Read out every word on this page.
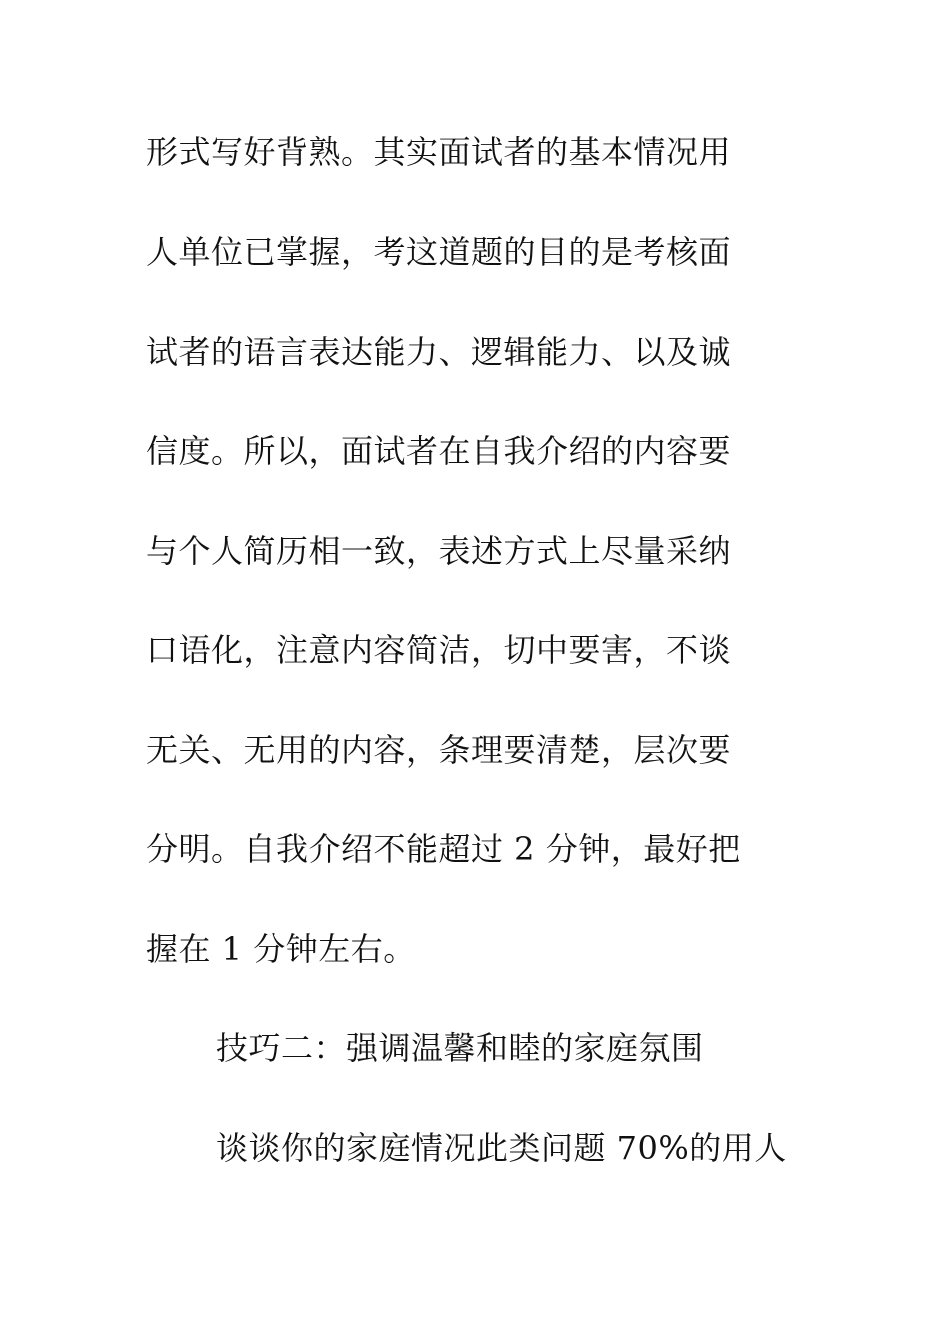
形式写好背熟。其实面试者的基本情况用
人单位已掌握，考这道题的目的是考核面
试者的语言表达能力、逻辑能力、以及诚
信度。所以，面试者在自我介绍的内容要
与个人简历相一致，表述方式上尽量采纳
口语化，注意内容简洁，切中要害，不谈
无关、无用的内容，条理要清楚，层次要
分明。自我介绍不能超过 2 分钟，最好把
握在 1 分钟左右。
技巧二：强调温馨和睦的家庭氛围
谈谈你的家庭情况此类问题 70%的用人
